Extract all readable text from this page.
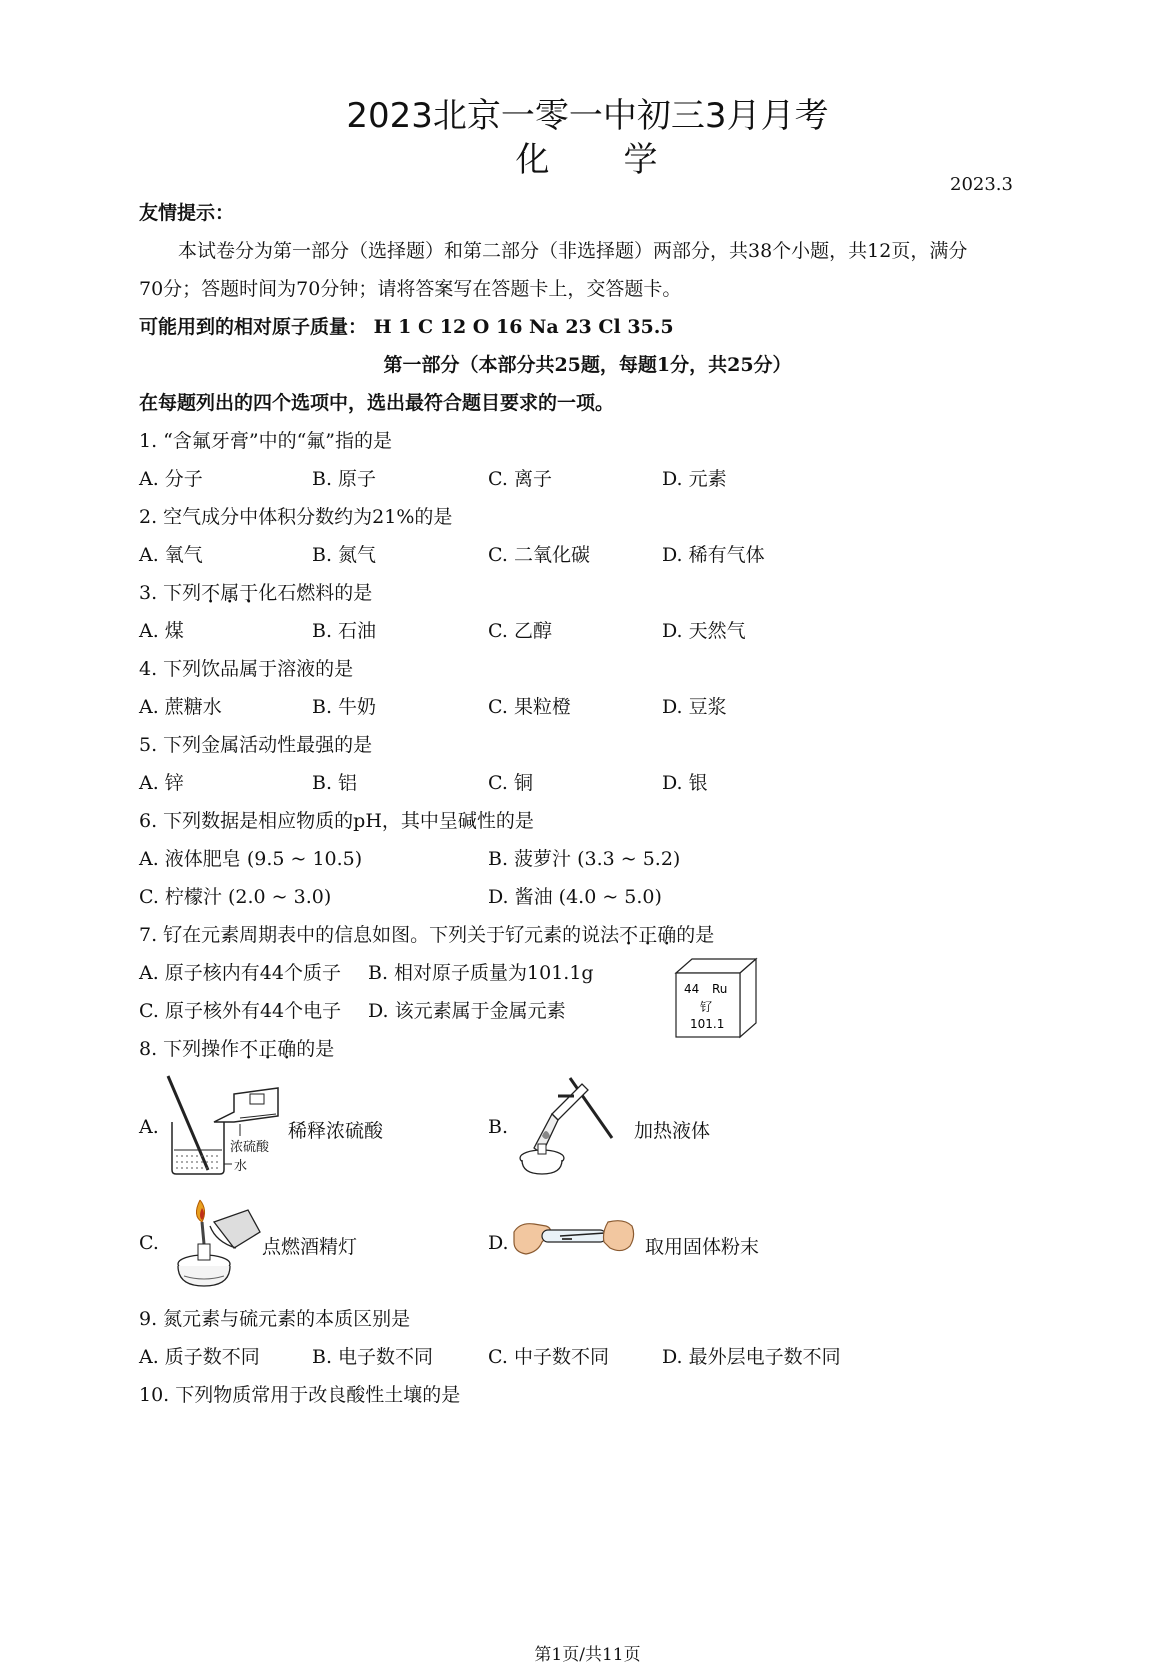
2023北京一零一中初三3月月考
化　　学
2023.3
友情提示：
本试卷分为第一部分（选择题）和第二部分（非选择题）两部分，共38个小题，共12页，满分
70分；答题时间为70分钟；请将答案写在答题卡上，交答题卡。
可能用到的相对原子质量： H 1 C 12 O 16 Na 23 Cl 35.5
第一部分（本部分共25题，每题1分，共25分）
在每题列出的四个选项中，选出最符合题目要求的一项。
1. “含氟牙膏”中的“氟”指的是
A. 分子	B. 原子	C. 离子	D. 元素
2. 空气成分中体积分数约为21%的是
A. 氧气	B. 氮气	C. 二氧化碳	D. 稀有气体
3. 下列不属于化石燃料的是
A. 煤	B. 石油	C. 乙醇	D. 天然气
4. 下列饮品属于溶液的是
A. 蔗糖水	B. 牛奶	C. 果粒橙	D. 豆浆
5. 下列金属活动性最强的是
A. 锌	B. 铝	C. 铜	D. 银
6. 下列数据是相应物质的pH，其中呈碱性的是
A. 液体肥皂 (9.5 ~ 10.5)	B. 菠萝汁 (3.3 ~ 5.2)
C. 柠檬汁 (2.0 ~ 3.0)	D. 酱油 (4.0 ~ 5.0)
7. 钌在元素周期表中的信息如图。下列关于钌元素的说法不正确的是
A. 原子核内有44个质子 B. 相对原子质量为101.1g
C. 原子核外有44个电子 D. 该元素属于金属元素
44 Ru
钌
101.1
8. 下列操作不正确的是
A.
浓硫酸
水
稀释浓硫酸	B.	加热液体
C.	点燃酒精灯	D.	取用固体粉末
9. 氮元素与硫元素的本质区别是
A. 质子数不同	B. 电子数不同	C. 中子数不同	D. 最外层电子数不同
10. 下列物质常用于改良酸性土壤的是
第1页/共11页
